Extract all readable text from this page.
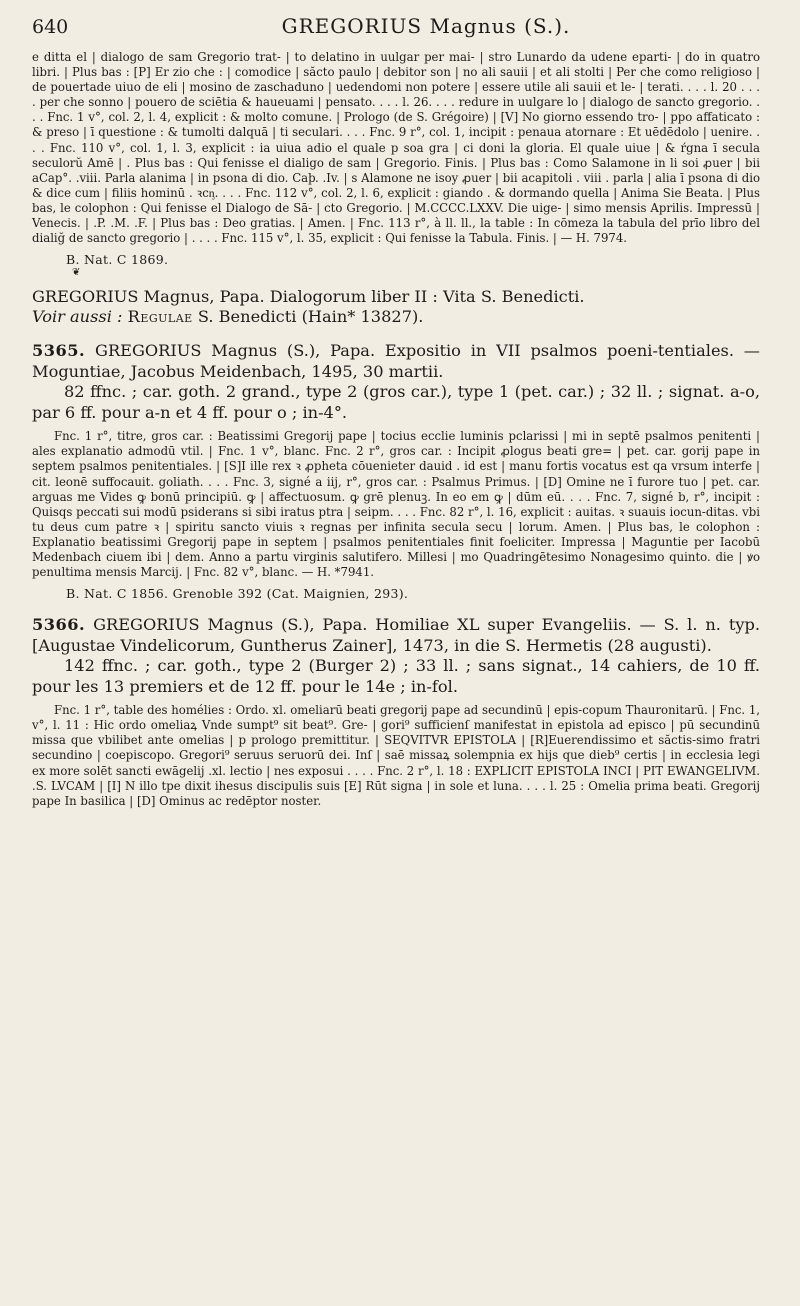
640	GREGORIUS Magnus (S.).

e ditta el | dialogo de sam Gregorio trat- | to delatino in uulgar per mai- | stro Lunardo da udene eparti- | do in quatro libri. | Plus bas : [P] Er zio che : | comodice | săcto paulo | debitor son | no ali sauii | et ali stolti | Per che como religioso | de pouertade uiuo de eli | mosino de zaschaduno | uedendomi non potere | essere utile ali sauii et le- | terati. . . . l. 20 . . . . per che sonno | pouero de sciētia & haueuami | pensato. . . . l. 26. . . . redure in uulgare lo | dialogo de sancto gregorio. . . . Fnc. 1 v°, col. 2, l. 4, explicit : & molto comune. | Prologo (de S. Grégoire) | [V] No giorno essendo tro- | ppo affaticato : & preso | ī questione : & tumolti dalquā | ti seculari. . . . Fnc. 9 r°, col. 1, incipit : penaua atornare : Et uēdēdolo | uenire. . . . Fnc. 110 v°, col. 1, l. 3, explicit : ia uiua adio el quale p soa gra | ci doni la gloria. El quale uiue | & ŕgna ī secula seculorŭ Amē | . Plus bas : Qui fenisse el dialigo de sam | Gregorio. Finis. | Plus bas : Como Salamone in li soi ꝓuer | bii aCap°. .viii. Parla alanima | in psona di dio. Caþ. .Iv. | s Alamone ne isoy ꝓuer | bii acapitoli . viii . parla | alia ī psona di dio & dice cum | filiis hominū . ꝛcᶇ. . . . Fnc. 112 v°, col. 2, l. 6, explicit : giando . & dormando quella | Anima Sie Beata. | Plus bas, le colophon : Qui fenisse el Dialogo de Sā- | cto Gregorio. | M.CCCC.LXXV. Die uige- | simo mensis Aprilis. Impressū | Venecis. | .P. .M. .F. | Plus bas : Deo gratias. | Amen. | Fnc. 113 r°, à ll. ll., la table : In cōmeza la tabula del prīo libro del dialiğ de sancto gregorio | . . . . Fnc. 115 v°, l. 35, explicit : Qui fenisse la Tabula. Finis. | — H. 7974.

B. Nat. C 1869.

❦

GREGORIUS Magnus, Papa. Dialogorum liber II : Vita S. Benedicti.

Voir aussi : Regulae S. Benedicti (Hain* 13827).

5365. GREGORIUS Magnus (S.), Papa. Expositio in VII psalmos poeni-tentiales. — Moguntiae, Jacobus Meidenbach, 1495, 30 martii.

82 ffnc. ; car. goth. 2 grand., type 2 (gros car.), type 1 (pet. car.) ; 32 ll. ; signat. a-o, par 6 ff. pour a-n et 4 ff. pour o ; in-4°.

Fnc. 1 r°, titre, gros car. : Beatissimi Gregorij pape | tocius ecclie luminis pclarissi | mi in septē psalmos penitenti | ales explanatio admodū vtil. | Fnc. 1 v°, blanc. Fnc. 2 r°, gros car. : Incipit ꝓlogus beati gre= | pet. car. gorij pape in septem psalmos penitentiales. | [S]I ille rex ꝛ ꝓpheta cōuenieter dauid . id est | manu fortis vocatus est qa vrsum interfe | cit. leonē suffocauit. goliath. . . . Fnc. 3, signé a iij, r°, gros car. : Psalmus Primus. | [D] Omine ne ī furore tuo | pet. car. arguas me Vides ꝙ bonū principiū. ꝙ | affectuosum. ꝙ grē plenuꝫ. In eo em ꝙ | dūm eū. . . . Fnc. 7, signé b, r°, incipit : Quisqs peccati sui modū psiderans si sibi iratus ptra | seipm. . . . Fnc. 82 r°, l. 16, explicit : auitas. ꝛ suauis iocun-ditas. vbi tu deus cum patre ꝛ | spiritu sancto viuis ꝛ regnas per infinita secula secu | lorum. Amen. | Plus bas, le colophon : Explanatio beatissimi Gregorij pape in septem | psalmos penitentiales finit foeliciter. Impressa | Maguntie per Iacobū Medenbach ciuem ibi | dem. Anno a partu virginis salutifero. Millesi | mo Quadringētesimo Nonagesimo quinto. die | ꝟo penultima mensis Marcij. | Fnc. 82 v°, blanc. — H. *7941.

B. Nat. C 1856. Grenoble 392 (Cat. Maignien, 293).

5366. GREGORIUS Magnus (S.), Papa. Homiliae XL super Evangeliis. — S. l. n. typ. [Augustae Vindelicorum, Guntherus Zainer], 1473, in die S. Hermetis (28 augusti).

142 ffnc. ; car. goth., type 2 (Burger 2) ; 33 ll. ; sans signat., 14 cahiers, de 10 ff. pour les 13 premiers et de 12 ff. pour le 14e ; in-fol.

Fnc. 1 r°, table des homélies : Ordo. xl. omeliarū beati gregorij pape ad secundinū | epis-copum Thauronitarū. | Fnc. 1, v°, l. 11 : Hic ordo omeliaꝝ Vnde sumpt⁹ sit beat⁹. Gre- | gori⁹ sufficienſ manifestat in epistola ad episco | pū secundinū missa que vbilibet ante omelias | p prologo premittitur. | SEQVITVR EPISTOLA | [R]Euerendissimo et săctis-simo fratri secundino | coepiscopo. Gregori⁹ seruus seruorū dei. Inſ | saē missaꝝ solempnia ex hijs que dieb⁹ certis | in ecclesia legi ex more solēt sancti ewāgelij .xl. lectio | nes exposui . . . . Fnc. 2 r°, l. 18 : EXPLICIT EPISTOLA INCI | PIT EWANGELIVM. .S. LVCAM | [I] N illo tpe dixit ihesus discipulis suis [E] Rūt signa | in sole et luna. . . . l. 25 : Omelia prima beati. Gregorij pape In basilica | [D] Ominus ac redēptor noster.
